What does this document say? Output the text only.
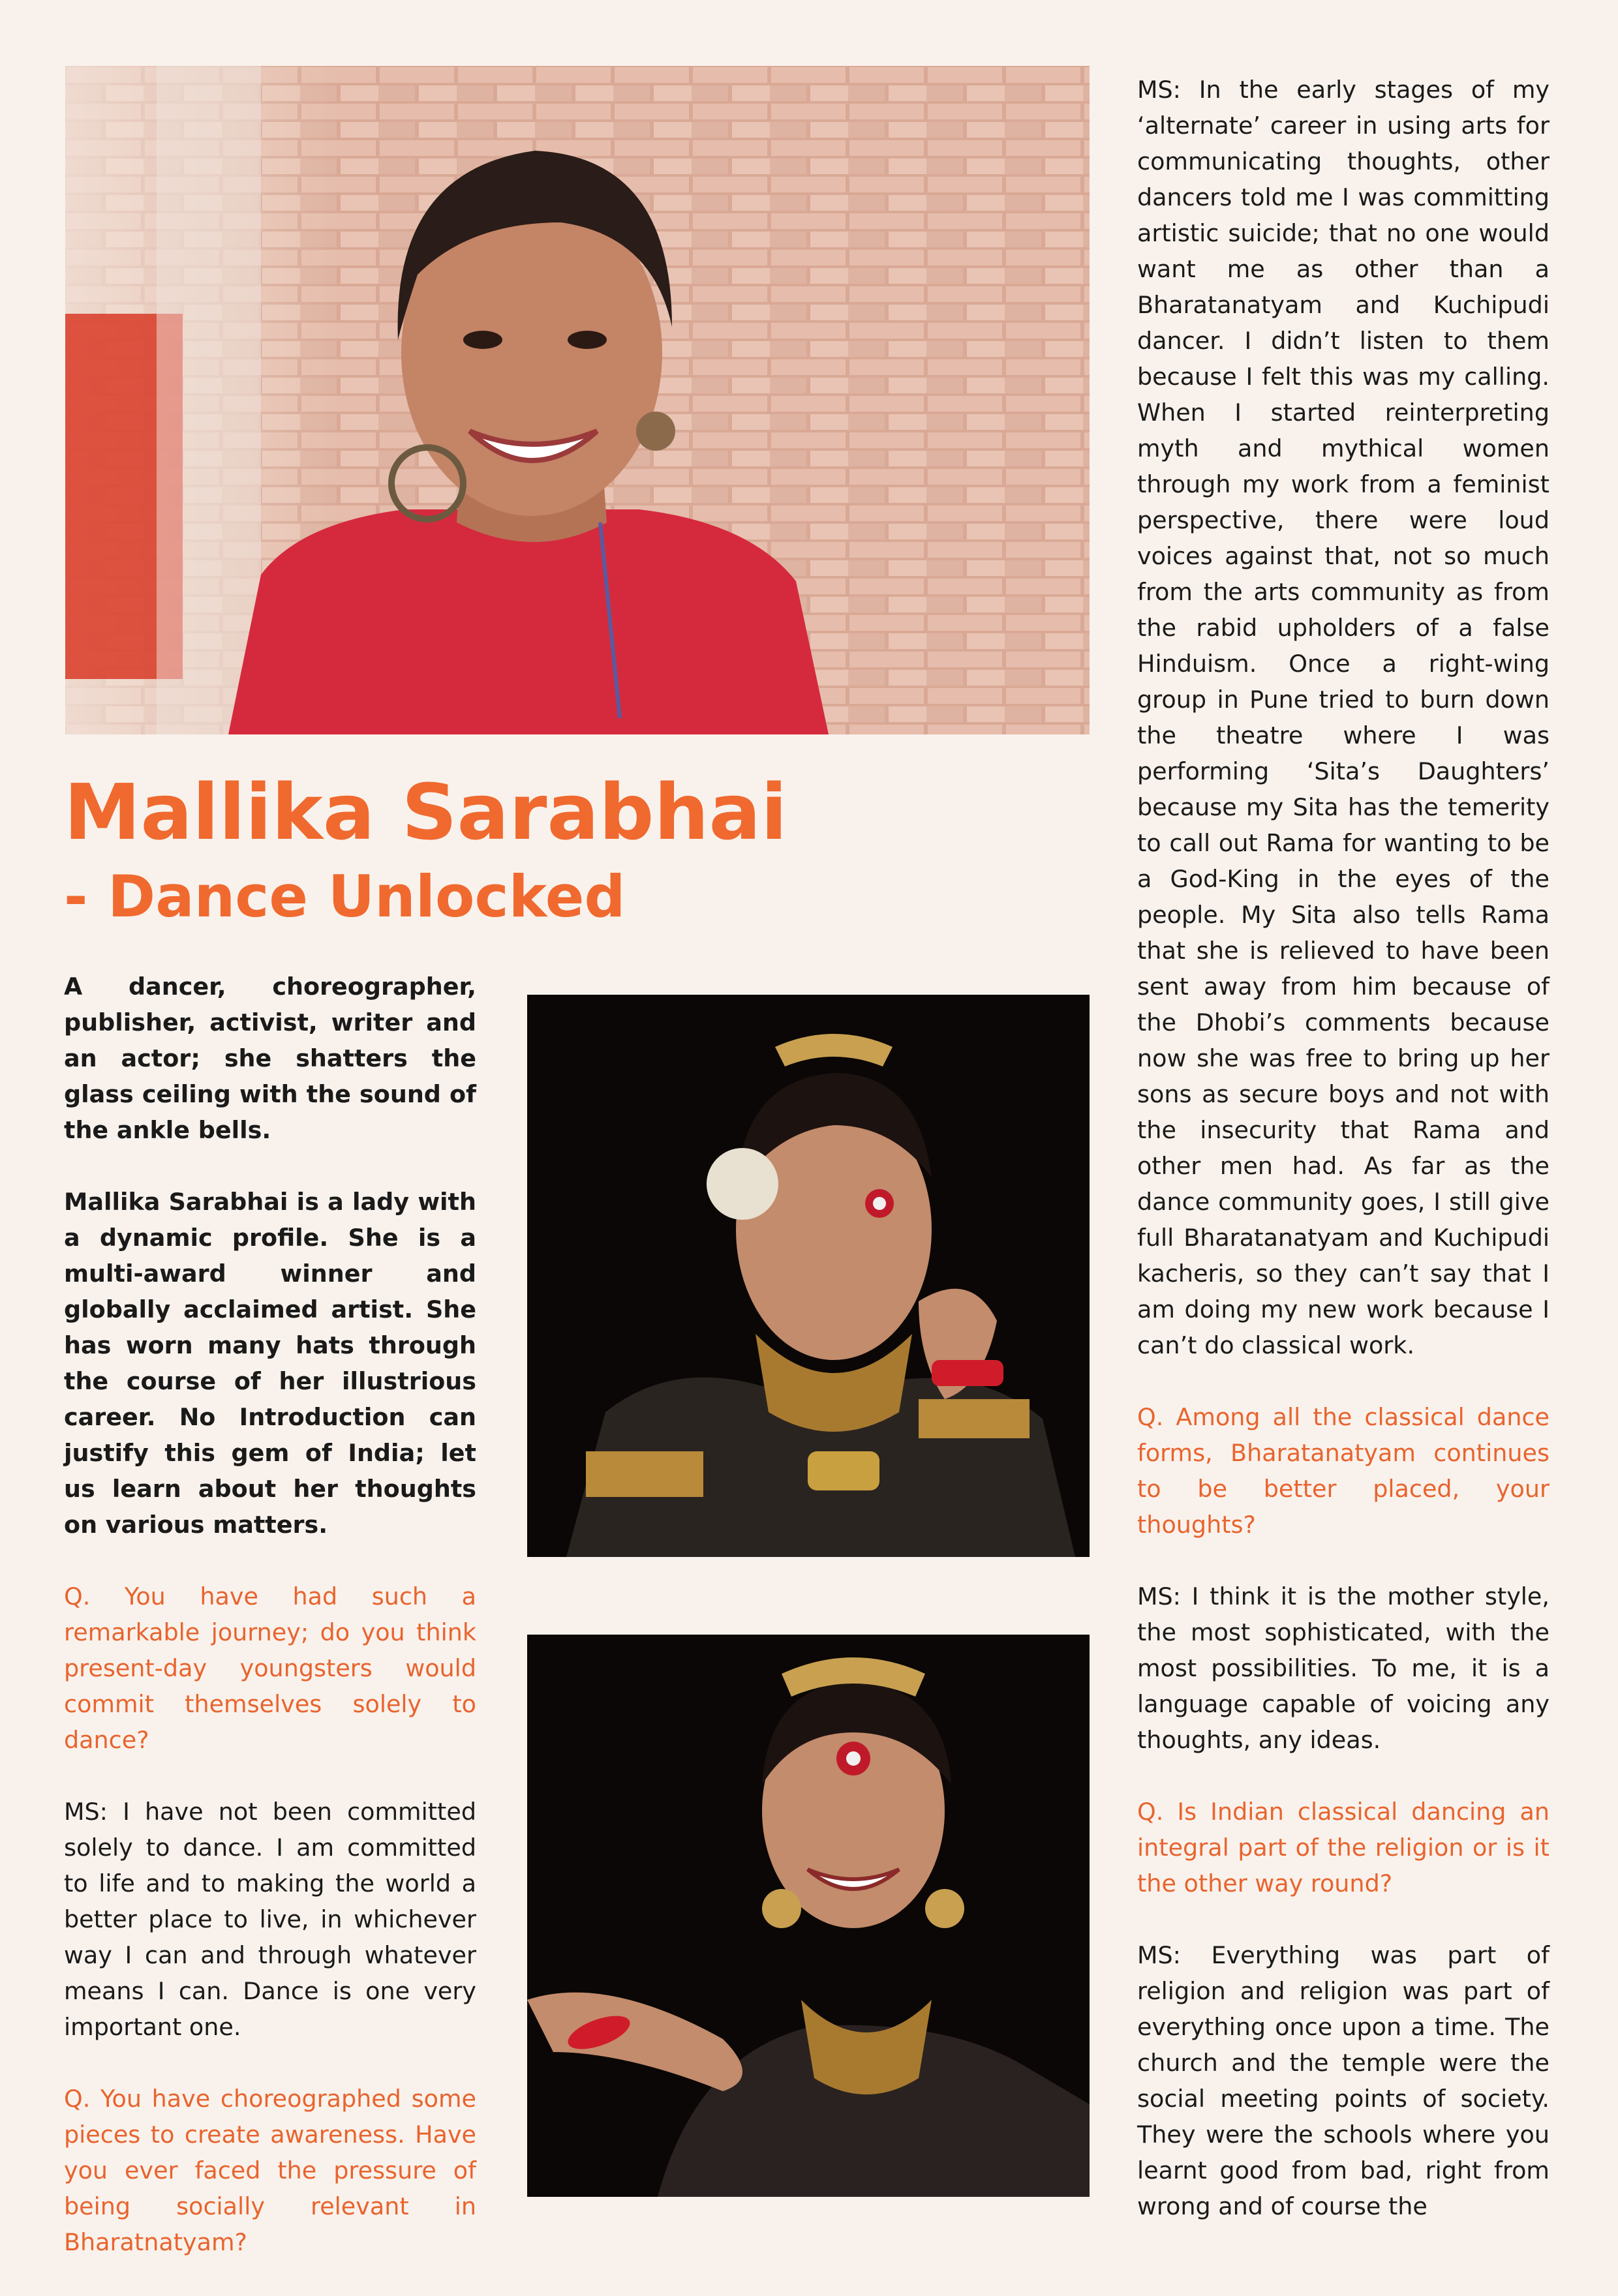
Mallika Sarabhai
- Dance Unlocked

A dancer, choreographer, publisher, activist, writer and an actor; she shatters the glass ceiling with the sound of the ankle bells.

Mallika Sarabhai is a lady with a dynamic profile. She is a multi-award winner and globally acclaimed artist. She has worn many hats through the course of her illustrious career. No Introduction can justify this gem of India; let us learn about her thoughts on various matters.

Q. You have had such a remarkable journey; do you think present-day youngsters would commit themselves solely to dance?

MS: I have not been committed solely to dance. I am committed to life and to making the world a better place to live, in whichever way I can and through whatever means I can. Dance is one very important one.

Q. You have choreographed some pieces to create awareness. Have you ever faced the pressure of being socially relevant in Bharatnatyam?

MS: In the early stages of my ‘alternate’ career in using arts for communicating thoughts, other dancers told me I was committing artistic suicide; that no one would want me as other than a Bharatanatyam and Kuchipudi dancer. I didn’t listen to them because I felt this was my calling. When I started reinterpreting myth and mythical women through my work from a feminist perspective, there were loud voices against that, not so much from the arts community as from the rabid upholders of a false Hinduism. Once a right-wing group in Pune tried to burn down the theatre where I was performing ‘Sita’s Daughters’ because my Sita has the temerity to call out Rama for wanting to be a God-King in the eyes of the people. My Sita also tells Rama that she is relieved to have been sent away from him because of the Dhobi’s comments because now she was free to bring up her sons as secure boys and not with the insecurity that Rama and other men had. As far as the dance community goes, I still give full Bharatanatyam and Kuchipudi kacheris, so they can’t say that I am doing my new work because I can’t do classical work.

Q. Among all the classical dance forms, Bharatanatyam continues to be better placed, your thoughts?

MS: I think it is the mother style, the most sophisticated, with the most possibilities. To me, it is a language capable of voicing any thoughts, any ideas.

Q. Is Indian classical dancing an integral part of the religion or is it the other way round?

MS: Everything was part of religion and religion was part of everything once upon a time. The church and the temple were the social meeting points of society. They were the schools where you learnt good from bad, right from wrong and of course the
